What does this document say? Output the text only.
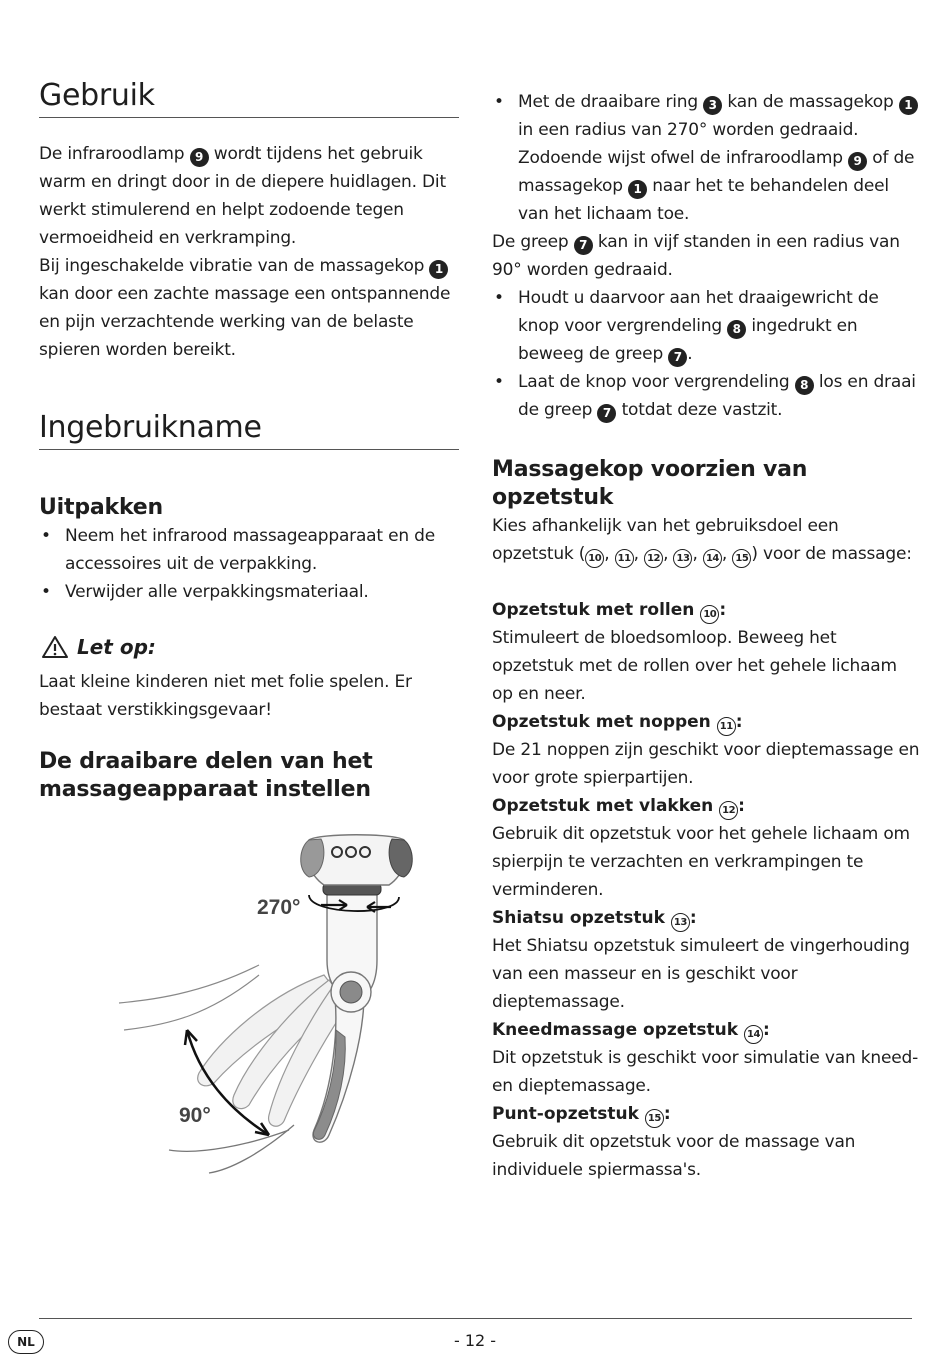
Gebruik

De infraroodlamp 9 wordt tijdens het gebruik warm en dringt door in de diepere huidlagen. Dit werkt stimulerend en helpt zodoende tegen vermoeidheid en verkramping.

Bij ingeschakelde vibratie van de massagekop 1 kan door een zachte massage een ontspannende en pijn verzachtende werking van de belaste spieren worden bereikt.

Ingebruikname
Uitpakken
• Neem het infrarood massageapparaat en de accessoires uit de verpakking.
• Verwijder alle verpakkingsmateriaal.
Let op:

Laat kleine kinderen niet met folie spelen. Er bestaat verstikkingsgevaar!

De draaibare delen van het massageapparaat instellen
270°
90°
• Met de draaibare ring 3 kan de massagekop 1 in een radius van 270° worden gedraaid. Zodoende wijst ofwel de infraroodlamp 9 of de massagekop 1 naar het te behandelen deel van het lichaam toe.

De greep 7 kan in vijf standen in een radius van 90° worden gedraaid.

• Houdt u daarvoor aan het draaigewricht de knop voor vergrendeling 8 ingedrukt en beweeg de greep 7 .
• Laat de knop voor vergrendeling 8 los en draai de greep 7 totdat deze vastzit.
Massagekop voorzien van opzetstuk

Kies afhankelijk van het gebruiksdoel een opzetstuk ( 10 , 11 , 12 , 13 , 14 , 15 ) voor de massage:

Opzetstuk met rollen 10 :

Stimuleert de bloedsomloop. Beweeg het opzetstuk met de rollen over het gehele lichaam op en neer.

Opzetstuk met noppen 11 :

De 21 noppen zijn geschikt voor dieptemassage en voor grote spierpartijen.

Opzetstuk met vlakken 12 :

Gebruik dit opzetstuk voor het gehele lichaam om spierpijn te verzachten en verkrampingen te verminderen.

Shiatsu opzetstuk 13 :

Het Shiatsu opzetstuk simuleert de vingerhouding van een masseur en is geschikt voor dieptemassage.

Kneedmassage opzetstuk 14 :

Dit opzetstuk is geschikt voor simulatie van kneed- en dieptemassage.

Punt-opzetstuk 15 :

Gebruik dit opzetstuk voor de massage van individuele spiermassa's.

NL	- 12 -
